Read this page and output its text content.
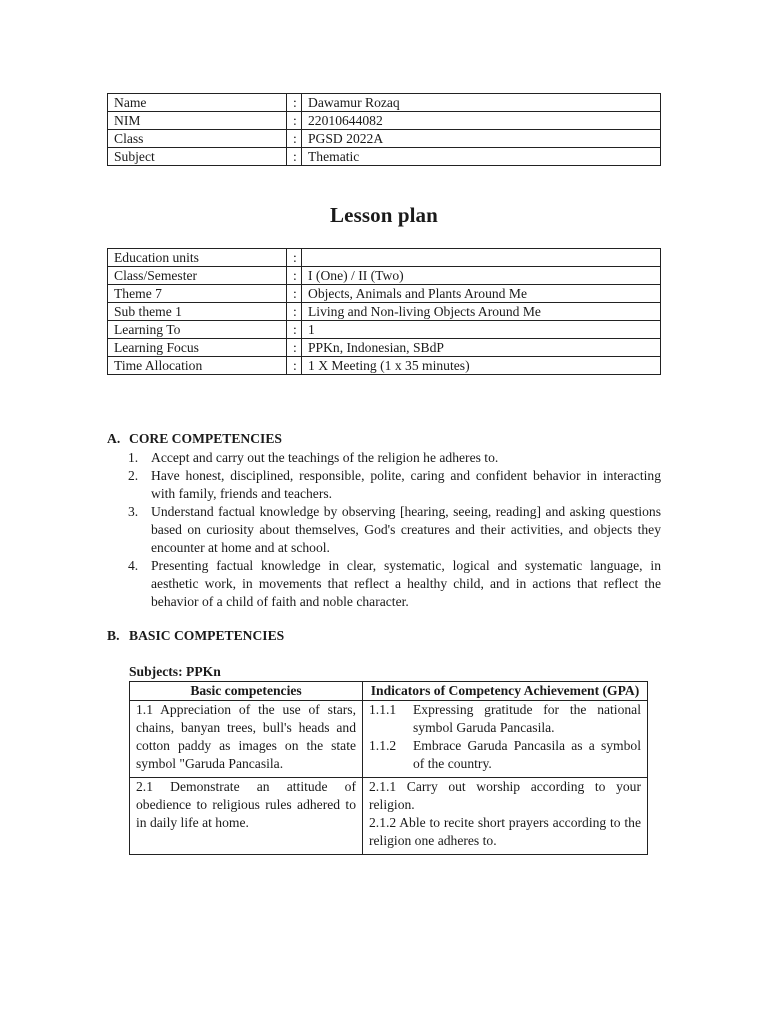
Name	:	Dawamur Rozaq
NIM	:	22010644082
Class	:	PGSD 2022A
Subject	:	Thematic
Lesson plan
Education units	:	
Class/Semester	:	I (One) / II (Two)
Theme 7	:	Objects, Animals and Plants Around Me
Sub theme 1	:	Living and Non-living Objects Around Me
Learning To	:	1
Learning Focus	:	PPKn, Indonesian, SBdP
Time Allocation	:	1 X Meeting (1 x 35 minutes)

A. CORE COMPETENCIES

1. Accept and carry out the teachings of the religion he adheres to.
2. Have honest, disciplined, responsible, polite, caring and confident behavior in interacting with family, friends and teachers.
3. Understand factual knowledge by observing [hearing, seeing, reading] and asking questions based on curiosity about themselves, God's creatures and their activities, and objects they encounter at home and at school.
4. Presenting factual knowledge in clear, systematic, logical and systematic language, in aesthetic work, in movements that reflect a healthy child, and in actions that reflect the behavior of a child of faith and noble character.

B. BASIC COMPETENCIES

Subjects: PPKn

Basic competencies	Indicators of Competency Achievement (GPA)
1.1 Appreciation of the use of stars, chains, banyan trees, bull's heads and cotton paddy as images on the state symbol "Garuda Pancasila.	1.1.1 Expressing gratitude for the national symbol Garuda Pancasila.
1.1.2 Embrace Garuda Pancasila as a symbol of the country.

2.1 Demonstrate an attitude of obedience to religious rules adhered to in daily life at home.	2.1.1 Carry out worship according to your religion.
2.1.2 Able to recite short prayers according to the religion one adheres to.
